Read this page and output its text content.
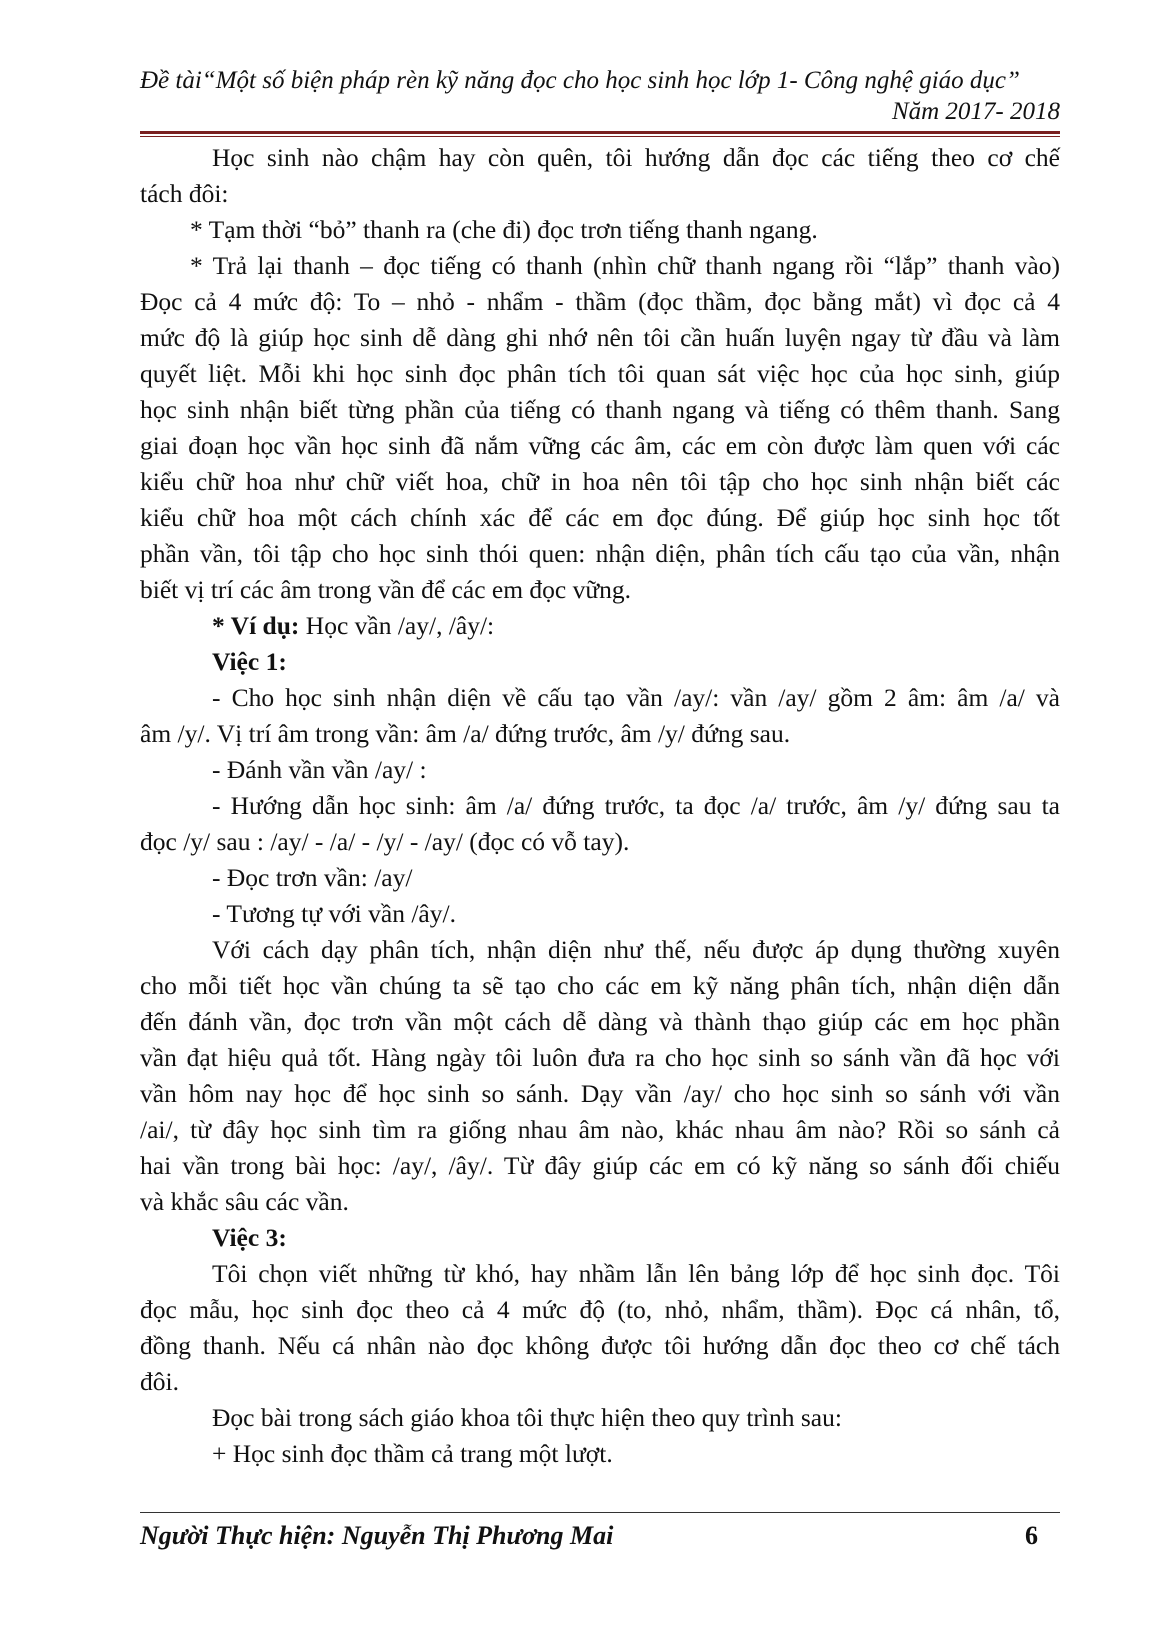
Đề tài“Một số biện pháp rèn kỹ năng đọc cho học sinh học lớp 1- Công nghệ giáo dục”
Năm 2017- 2018

Học sinh nào chậm hay còn quên, tôi hướng dẫn đọc các tiếng theo cơ chế

tách đôi:

* Tạm thời “bỏ” thanh ra (che đi) đọc trơn tiếng thanh ngang.

* Trả lại thanh – đọc tiếng có thanh (nhìn chữ thanh ngang rồi “lắp” thanh vào)

Đọc cả 4 mức độ: To – nhỏ - nhẩm - thầm (đọc thầm, đọc bằng mắt) vì đọc cả 4

mức độ là giúp học sinh dễ dàng ghi nhớ nên tôi cần huấn luyện ngay từ đầu và làm

quyết liệt. Mỗi khi học sinh đọc phân tích tôi quan sát việc học của học sinh, giúp

học sinh nhận biết từng phần của tiếng có thanh ngang và tiếng có thêm thanh. Sang

giai đoạn học vần học sinh đã nắm vững các âm, các em còn được làm quen với các

kiểu chữ hoa như chữ viết hoa, chữ in hoa nên tôi tập cho học sinh nhận biết các

kiểu chữ hoa một cách chính xác để các em đọc đúng. Để giúp học sinh học tốt

phần vần, tôi tập cho học sinh thói quen: nhận diện, phân tích cấu tạo của vần, nhận

biết vị trí các âm trong vần để các em đọc vững.

* Ví dụ: Học vần /ay/, /ây/:

Việc 1:

- Cho học sinh nhận diện về cấu tạo vần /ay/: vần /ay/ gồm 2 âm: âm /a/ và

âm /y/. Vị trí âm trong vần: âm /a/ đứng trước, âm /y/ đứng sau.

- Đánh vần vần /ay/ :

- Hướng dẫn học sinh: âm /a/ đứng trước, ta đọc /a/ trước, âm /y/ đứng sau ta

đọc /y/ sau : /ay/ - /a/ - /y/ - /ay/ (đọc có vỗ tay).

- Đọc trơn vần: /ay/

- Tương tự với vần /ây/.

Với cách dạy phân tích, nhận diện như thế, nếu được áp dụng thường xuyên

cho mỗi tiết học vần chúng ta sẽ tạo cho các em kỹ năng phân tích, nhận diện dẫn

đến đánh vần, đọc trơn vần một cách dễ dàng và thành thạo giúp các em học phần

vần đạt hiệu quả tốt. Hàng ngày tôi luôn đưa ra cho học sinh so sánh vần đã học với

vần hôm nay học để học sinh so sánh. Dạy vần /ay/ cho học sinh so sánh với vần

/ai/, từ đây học sinh tìm ra giống nhau âm nào, khác nhau âm nào? Rồi so sánh cả

hai vần trong bài học: /ay/, /ây/. Từ đây giúp các em có kỹ năng so sánh đối chiếu

và khắc sâu các vần.

Việc 3:

Tôi chọn viết những từ khó, hay nhầm lẫn lên bảng lớp để học sinh đọc. Tôi

đọc mẫu, học sinh đọc theo cả 4 mức độ (to, nhỏ, nhẩm, thầm). Đọc cá nhân, tổ,

đồng thanh. Nếu cá nhân nào đọc không được tôi hướng dẫn đọc theo cơ chế tách

đôi.

Đọc bài trong sách giáo khoa tôi thực hiện theo quy trình sau:

+ Học sinh đọc thầm cả trang một lượt.

Người Thực hiện: Nguyễn Thị Phương Mai	6
